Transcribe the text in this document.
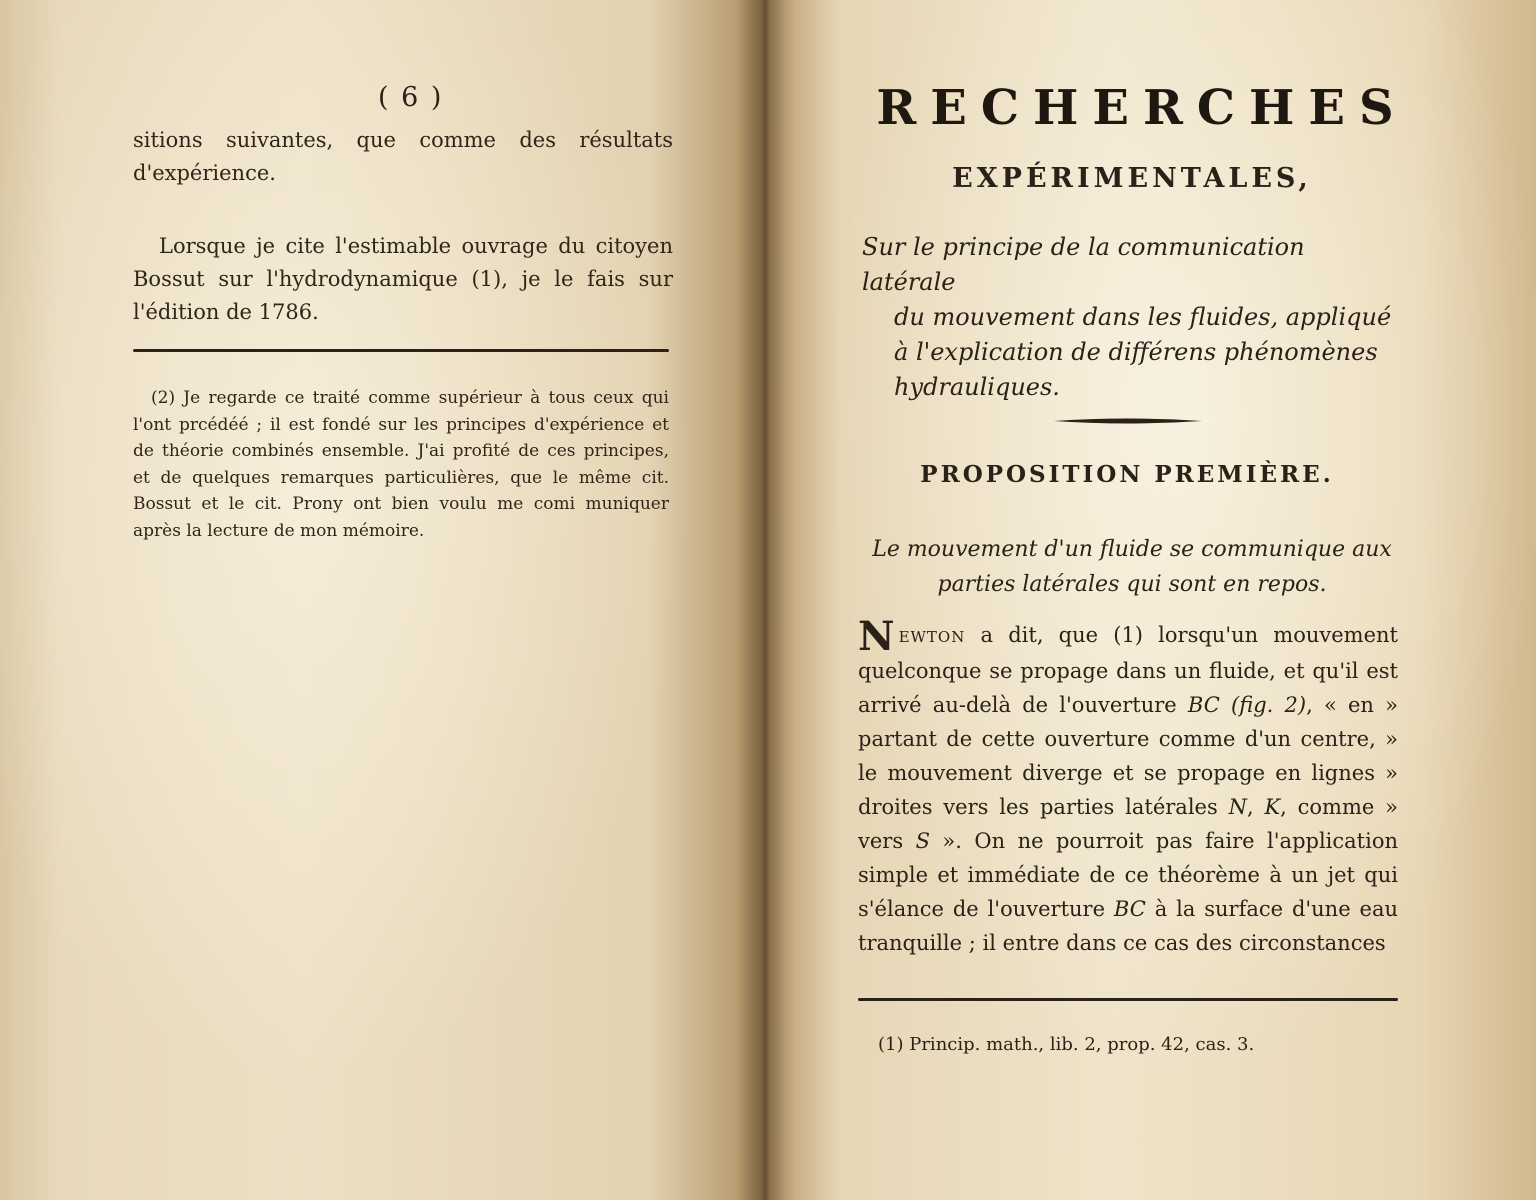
( 6 )

sitions suivantes, que comme des résultats d'expérience.

Lorsque je cite l'estimable ouvrage du citoyen Bossut sur l'hydrodynamique (1), je le fais sur l'édition de 1786.

(2) Je regarde ce traité comme supérieur à tous ceux qui l'ont prcédéé ; il est fondé sur les principes d'expérience et de théorie combinés ensemble. J'ai profité de ces principes, et de quelques remarques particulières, que le même cit. Bossut et le cit. Prony ont bien voulu me comi muniquer après la lecture de mon mémoire.

RECHERCHES
EXPÉRIMENTALES,

Sur le principe de la communication latérale
du mouvement dans les fluides, appliqué à l'explication de différens phénomènes hydrauliques.

PROPOSITION PREMIÈRE.

Le mouvement d'un fluide se communique aux parties latérales qui sont en repos.

NEWTON a dit, que (1) lorsqu'un mouvement quelconque se propage dans un fluide, et qu'il est arrivé au-delà de l'ouverture BC (fig. 2), « en » partant de cette ouverture comme d'un centre, » le mouvement diverge et se propage en lignes » droites vers les parties latérales N, K, comme » vers S ». On ne pourroit pas faire l'application simple et immédiate de ce théorème à un jet qui s'élance de l'ouverture BC à la surface d'une eau tranquille ; il entre dans ce cas des circonstances

(1) Princip. math., lib. 2, prop. 42, cas. 3.
